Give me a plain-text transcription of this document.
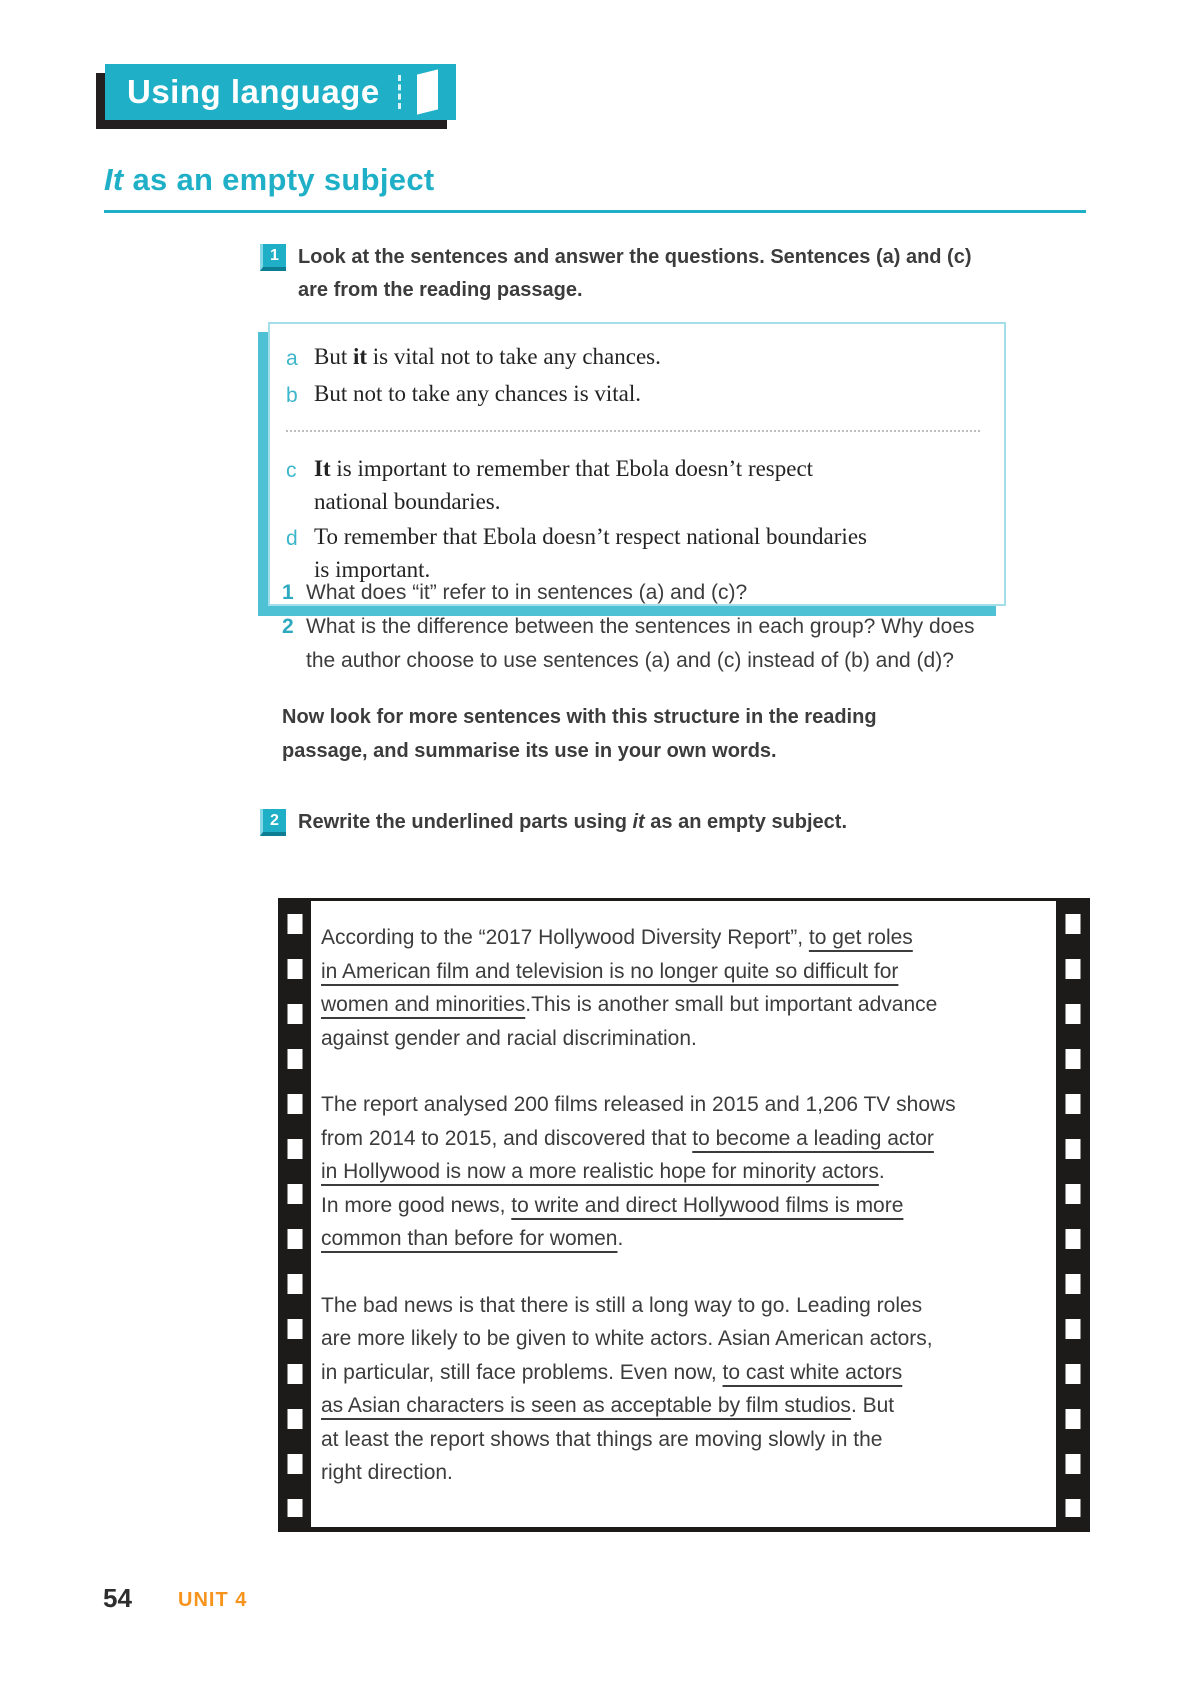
Using language
It as an empty subject
1 Look at the sentences and answer the questions. Sentences (a) and (c)
are from the reading passage.
a But it is vital not to take any chances.
b But not to take any chances is vital.
c It is important to remember that Ebola doesn’t respect
national boundaries.
d To remember that Ebola doesn’t respect national boundaries
is important.
1 What does “it” refer to in sentences (a) and (c)?
2 What is the difference between the sentences in each group? Why does
the author choose to use sentences (a) and (c) instead of (b) and (d)?
Now look for more sentences with this structure in the reading
passage, and summarise its use in your own words.
2 Rewrite the underlined parts using it as an empty subject.

According to the “2017 Hollywood Diversity Report”, to get roles
in American film and television is no longer quite so difficult for
women and minorities.This is another small but important advance
against gender and racial discrimination.

The report analysed 200 films released in 2015 and 1,206 TV shows
from 2014 to 2015, and discovered that to become a leading actor
in Hollywood is now a more realistic hope for minority actors.
In more good news, to write and direct Hollywood films is more
common than before for women.

The bad news is that there is still a long way to go. Leading roles
are more likely to be given to white actors. Asian American actors,
in particular, still face problems. Even now, to cast white actors
as Asian characters is seen as acceptable by film studios. But
at least the report shows that things are moving slowly in the
right direction.

54 UNIT 4
